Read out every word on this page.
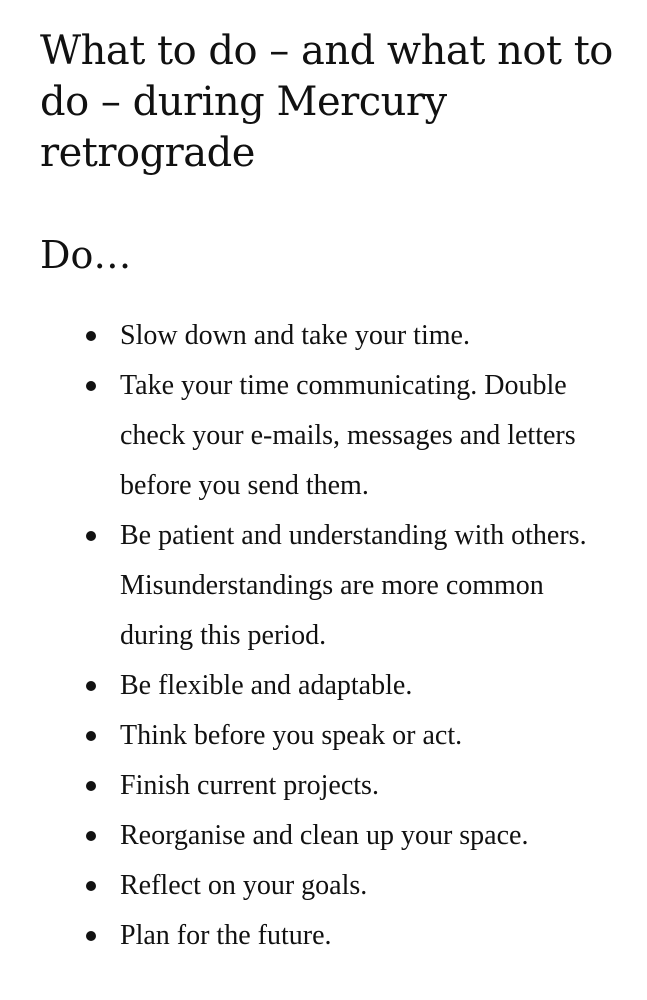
What to do – and what not to do – during Mercury retrograde
Do…
Slow down and take your time.
Take your time communicating. Double check your e-mails, messages and letters before you send them.
Be patient and understanding with others. Misunderstandings are more common during this period.
Be flexible and adaptable.
Think before you speak or act.
Finish current projects.
Reorganise and clean up your space.
Reflect on your goals.
Plan for the future.
